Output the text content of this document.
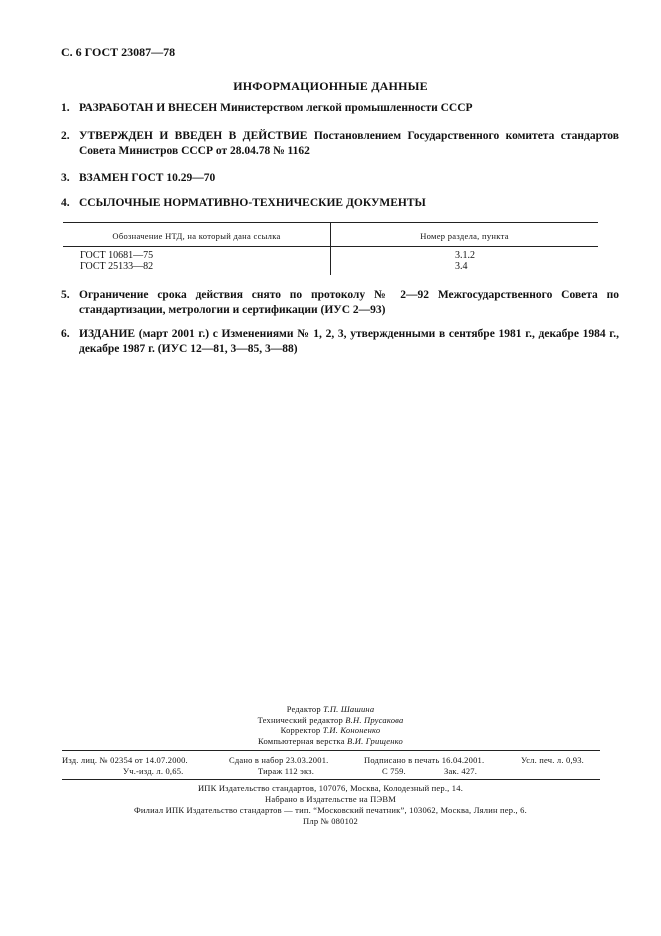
С. 6 ГОСТ 23087—78
ИНФОРМАЦИОННЫЕ ДАННЫЕ
1. РАЗРАБОТАН И ВНЕСЕН Министерством легкой промышленности СССР
2. УТВЕРЖДЕН И ВВЕДЕН В ДЕЙСТВИЕ Постановлением Государственного комитета стандартов Совета Министров СССР от 28.04.78 № 1162
3. ВЗАМЕН ГОСТ 10.29—70
4. ССЫЛОЧНЫЕ НОРМАТИВНО-ТЕХНИЧЕСКИЕ ДОКУМЕНТЫ
Обозначение НТД, на который дана ссылка	Номер раздела, пункта
ГОСТ 10681—75	3.1.2
ГОСТ 25133—82	3.4
5. Ограничение срока действия снято по протоколу № 2—92 Межгосударственного Совета по стандартизации, метрологии и сертификации (ИУС 2—93)
6. ИЗДАНИЕ (март 2001 г.) с Изменениями № 1, 2, 3, утвержденными в сентябре 1981 г., декабре 1984 г., декабре 1987 г. (ИУС 12—81, 3—85, 3—88)
Редактор Т.П. Шашина
Технический редактор В.Н. Прусакова
Корректор Т.И. Кононенко
Компьютерная верстка В.И. Грищенко
Изд. лиц. № 02354 от 14.07.2000.	Сдано в набор 23.03.2001.	Подписано в печать 16.04.2001.	Усл. печ. л. 0,93.
Уч.-изд. л. 0,65.	Тираж 112 экз.	С 759.	Зак. 427.
ИПК Издательство стандартов, 107076, Москва, Колодезный пер., 14.
Набрано в Издательстве на ПЭВМ
Филиал ИПК Издательство стандартов — тип. “Московский печатник”, 103062, Москва, Лялин пер., 6.
Плр № 080102
